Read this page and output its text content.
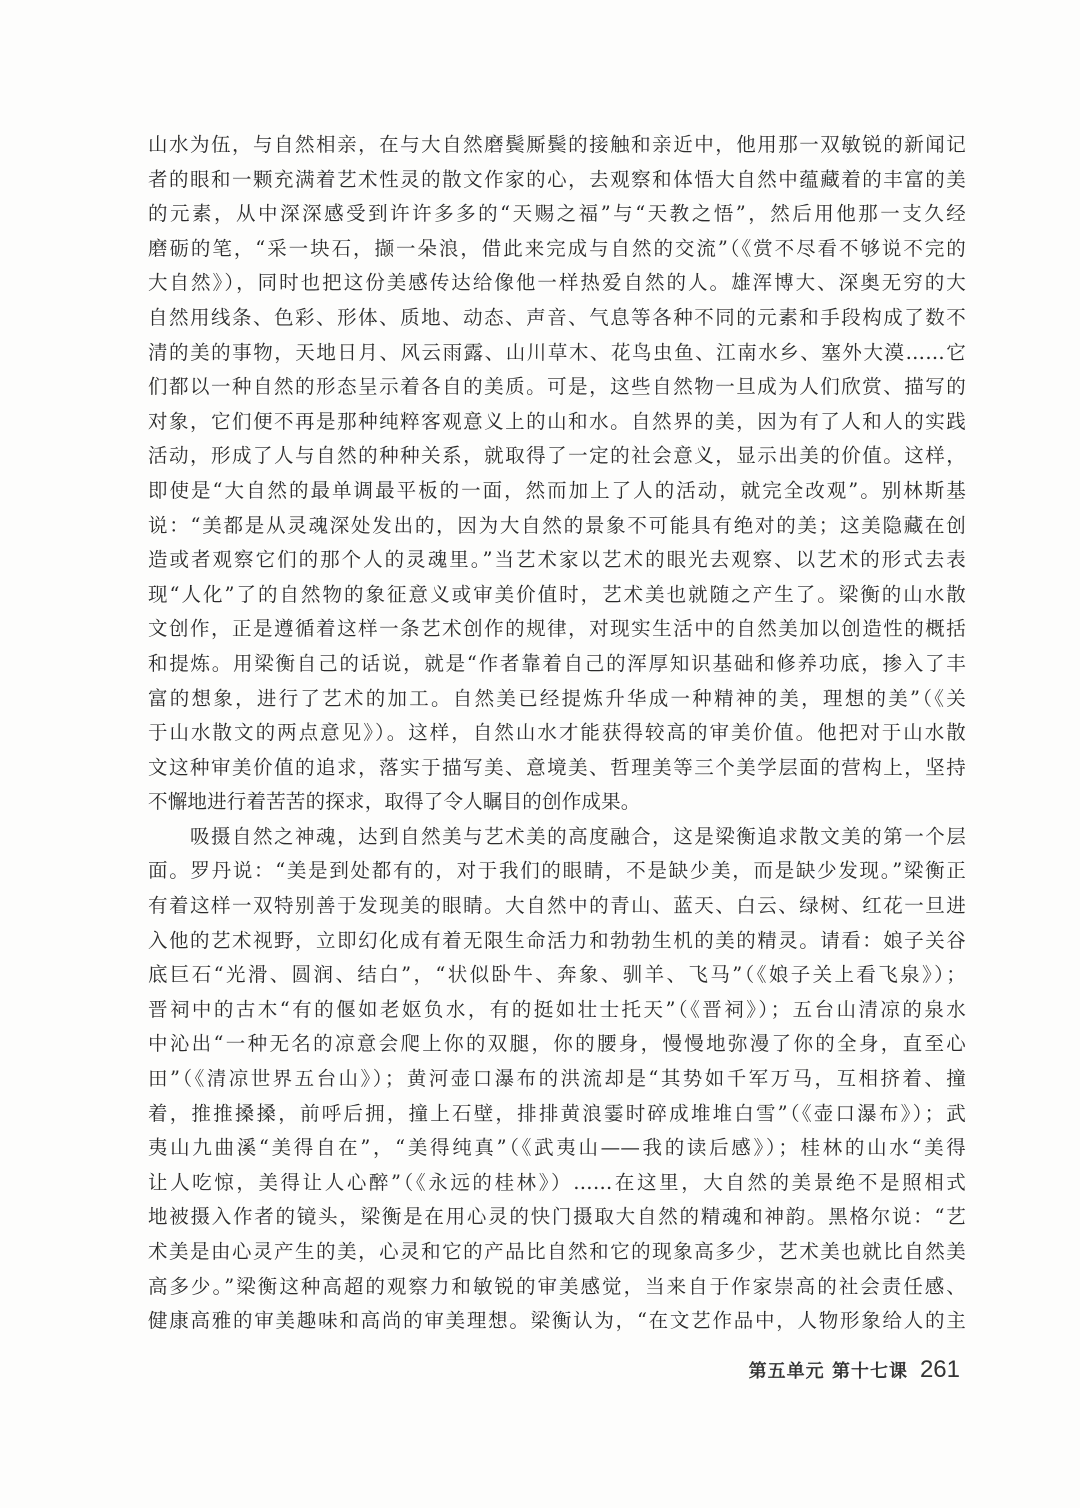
山水为伍，与自然相亲，在与大自然磨鬓厮鬓的接触和亲近中，他用那一双敏锐的新闻记
者的眼和一颗充满着艺术性灵的散文作家的心，去观察和体悟大自然中蕴藏着的丰富的美
的元素，从中深深感受到许许多多的“天赐之福”与“天教之悟”，然后用他那一支久经
磨砺的笔，“采一块石，撷一朵浪，借此来完成与自然的交流”（《赏不尽看不够说不完的
大自然》），同时也把这份美感传达给像他一样热爱自然的人。雄浑博大、深奥无穷的大
自然用线条、色彩、形体、质地、动态、声音、气息等各种不同的元素和手段构成了数不
清的美的事物，天地日月、风云雨露、山川草木、花鸟虫鱼、江南水乡、塞外大漠……它
们都以一种自然的形态呈示着各自的美质。可是，这些自然物一旦成为人们欣赏、描写的
对象，它们便不再是那种纯粹客观意义上的山和水。自然界的美，因为有了人和人的实践
活动，形成了人与自然的种种关系，就取得了一定的社会意义，显示出美的价值。这样，
即使是“大自然的最单调最平板的一面，然而加上了人的活动，就完全改观”。别林斯基
说：“美都是从灵魂深处发出的，因为大自然的景象不可能具有绝对的美；这美隐藏在创
造或者观察它们的那个人的灵魂里。”当艺术家以艺术的眼光去观察、以艺术的形式去表
现“人化”了的自然物的象征意义或审美价值时，艺术美也就随之产生了。梁衡的山水散
文创作，正是遵循着这样一条艺术创作的规律，对现实生活中的自然美加以创造性的概括
和提炼。用梁衡自己的话说，就是“作者靠着自己的浑厚知识基础和修养功底，掺入了丰
富的想象，进行了艺术的加工。自然美已经提炼升华成一种精神的美，理想的美”（《关
于山水散文的两点意见》）。这样，自然山水才能获得较高的审美价值。他把对于山水散
文这种审美价值的追求，落实于描写美、意境美、哲理美等三个美学层面的营构上，坚持
不懈地进行着苦苦的探求，取得了令人瞩目的创作成果。
　　吸摄自然之神魂，达到自然美与艺术美的高度融合，这是梁衡追求散文美的第一个层
面。罗丹说：“美是到处都有的，对于我们的眼睛，不是缺少美，而是缺少发现。”梁衡正
有着这样一双特别善于发现美的眼睛。大自然中的青山、蓝天、白云、绿树、红花一旦进
入他的艺术视野，立即幻化成有着无限生命活力和勃勃生机的美的精灵。请看：娘子关谷
底巨石“光滑、圆润、结白”，“状似卧牛、奔象、驯羊、飞马”（《娘子关上看飞泉》）；
晋祠中的古木“有的偃如老妪负水，有的挺如壮士托天”（《晋祠》）；五台山清凉的泉水
中沁出“一种无名的凉意会爬上你的双腿，你的腰身，慢慢地弥漫了你的全身，直至心
田”（《清凉世界五台山》）；黄河壶口瀑布的洪流却是“其势如千军万马，互相挤着、撞
着，推推搡搡，前呼后拥，撞上石壁，排排黄浪霎时碎成堆堆白雪”（《壶口瀑布》）；武
夷山九曲溪“美得自在”，“美得纯真”（《武夷山——我的读后感》）；桂林的山水“美得
让人吃惊，美得让人心醉”（《永远的桂林》）……在这里，大自然的美景绝不是照相式
地被摄入作者的镜头，梁衡是在用心灵的快门摄取大自然的精魂和神韵。黑格尔说：“艺
术美是由心灵产生的美，心灵和它的产品比自然和它的现象高多少，艺术美也就比自然美
高多少。”梁衡这种高超的观察力和敏锐的审美感觉，当来自于作家崇高的社会责任感、
健康高雅的审美趣味和高尚的审美理想。梁衡认为，“在文艺作品中，人物形象给人的主
第五单元 第十七课 261
